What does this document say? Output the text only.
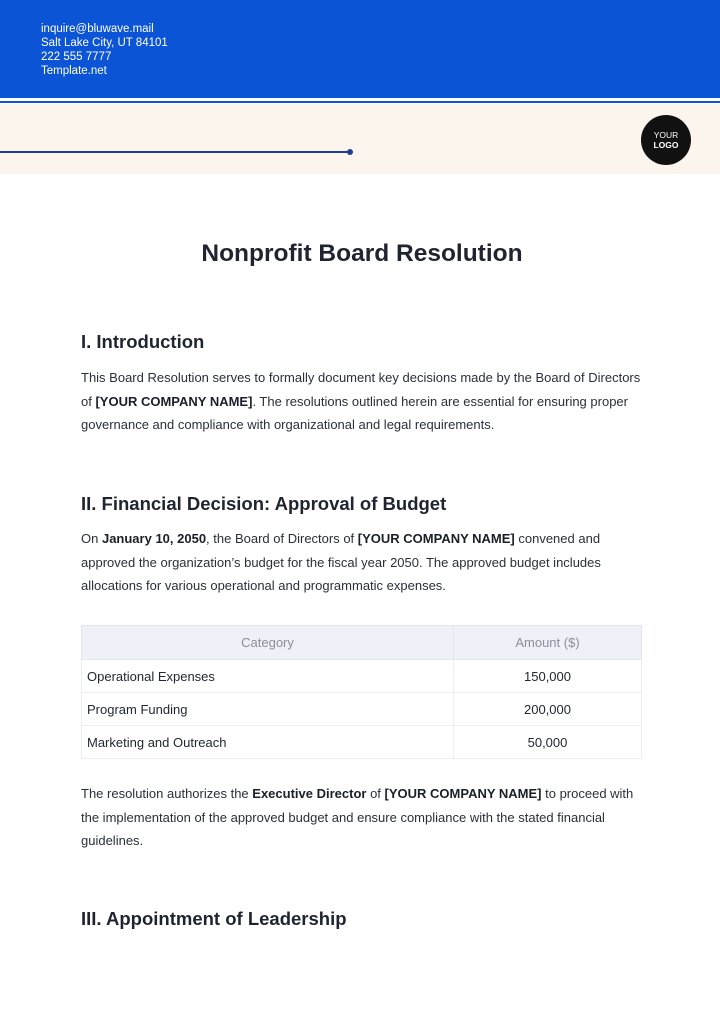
inquire@bluwave.mail
Salt Lake City, UT 84101
222 555 7777
Template.net
YOUR
LOGO
Nonprofit Board Resolution
I. Introduction

This Board Resolution serves to formally document key decisions made by the Board of Directors of [YOUR COMPANY NAME]. The resolutions outlined herein are essential for ensuring proper governance and compliance with organizational and legal requirements.

II. Financial Decision: Approval of Budget

On January 10, 2050, the Board of Directors of [YOUR COMPANY NAME] convened and approved the organization’s budget for the fiscal year 2050. The approved budget includes allocations for various operational and programmatic expenses.

Category	Amount ($)
Operational Expenses	150,000
Program Funding	200,000
Marketing and Outreach	50,000

The resolution authorizes the Executive Director of [YOUR COMPANY NAME] to proceed with the implementation of the approved budget and ensure compliance with the stated financial guidelines.

III. Appointment of Leadership
